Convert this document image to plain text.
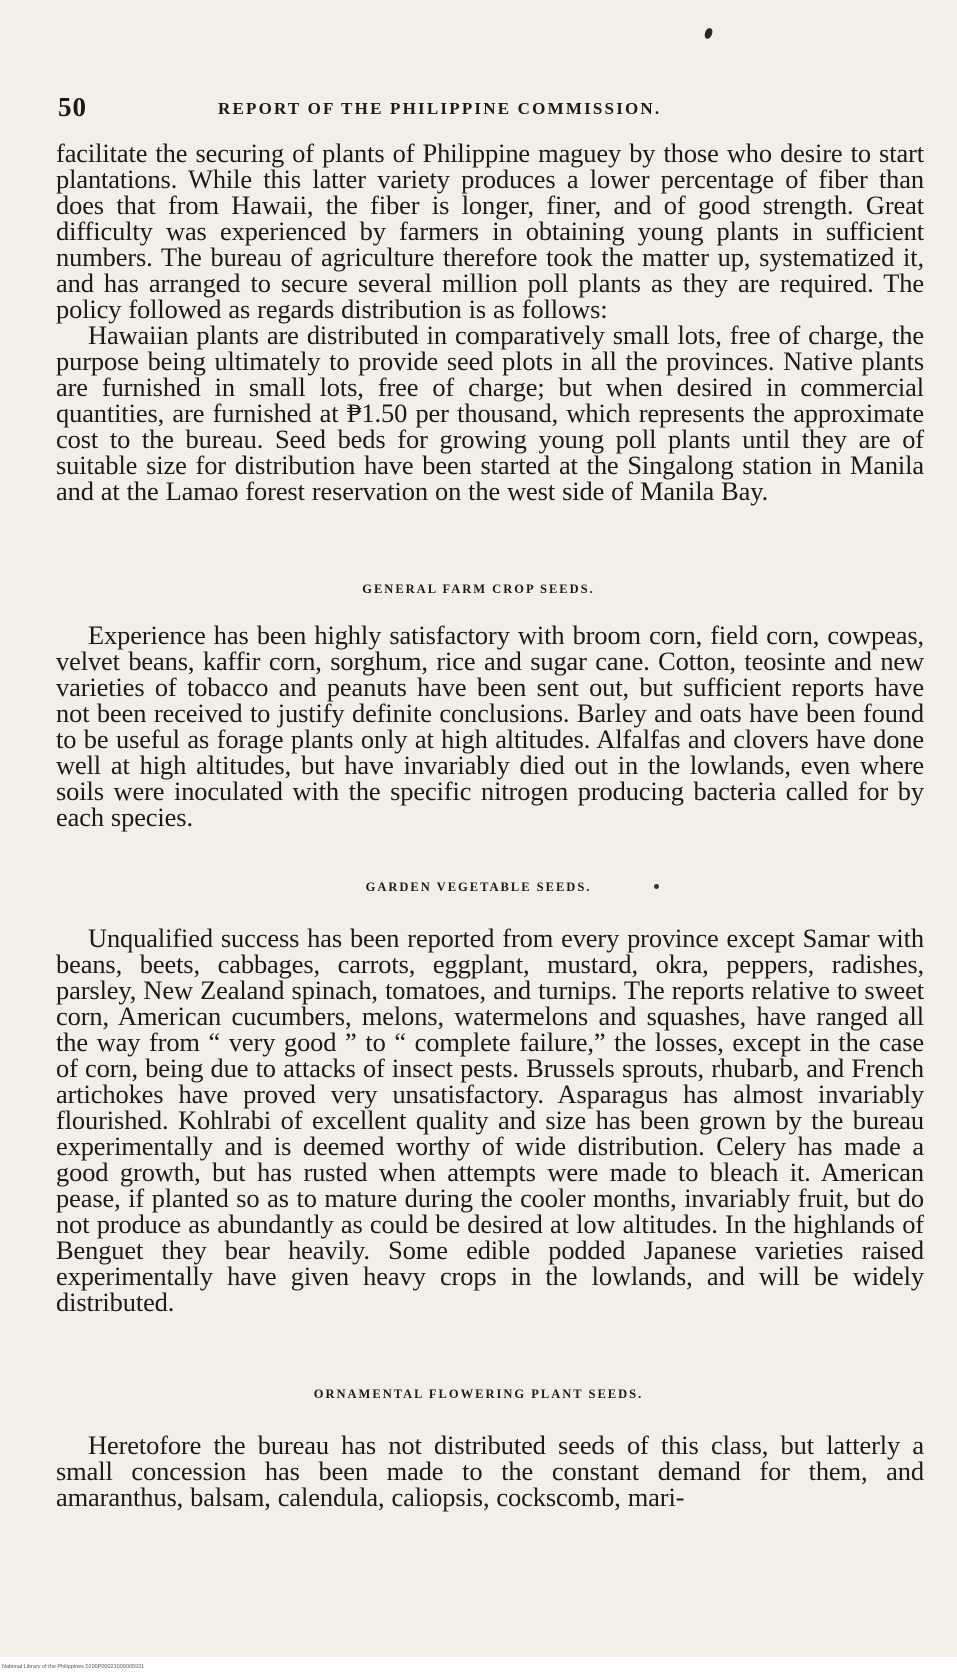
50	REPORT OF THE PHILIPPINE COMMISSION.

facilitate the securing of plants of Philippine maguey by those who desire to start plantations. While this latter variety produces a lower percentage of fiber than does that from Hawaii, the fiber is longer, finer, and of good strength. Great difficulty was experienced by farmers in obtaining young plants in sufficient numbers. The bureau of agriculture therefore took the matter up, systematized it, and has arranged to secure several million poll plants as they are required. The policy followed as regards distribution is as follows:

Hawaiian plants are distributed in comparatively small lots, free of charge, the purpose being ultimately to provide seed plots in all the provinces. Native plants are furnished in small lots, free of charge; but when desired in commercial quantities, are furnished at ₱1.50 per thousand, which represents the approximate cost to the bureau. Seed beds for growing young poll plants until they are of suitable size for distribution have been started at the Singalong station in Manila and at the Lamao forest reservation on the west side of Manila Bay.

GENERAL FARM CROP SEEDS.

Experience has been highly satisfactory with broom corn, field corn, cowpeas, velvet beans, kaffir corn, sorghum, rice and sugar cane. Cotton, teosinte and new varieties of tobacco and peanuts have been sent out, but sufficient reports have not been received to justify definite conclusions. Barley and oats have been found to be useful as forage plants only at high altitudes. Alfalfas and clovers have done well at high altitudes, but have invariably died out in the lowlands, even where soils were inoculated with the specific nitrogen producing bacteria called for by each species.

GARDEN VEGETABLE SEEDS.

Unqualified success has been reported from every province except Samar with beans, beets, cabbages, carrots, eggplant, mustard, okra, peppers, radishes, parsley, New Zealand spinach, tomatoes, and turnips. The reports relative to sweet corn, American cucumbers, melons, watermelons and squashes, have ranged all the way from “ very good ” to “ complete failure,” the losses, except in the case of corn, being due to attacks of insect pests. Brussels sprouts, rhubarb, and French artichokes have proved very unsatisfactory. Asparagus has almost invariably flourished. Kohlrabi of excellent quality and size has been grown by the bureau experimentally and is deemed worthy of wide distribution. Celery has made a good growth, but has rusted when attempts were made to bleach it. American pease, if planted so as to mature during the cooler months, invariably fruit, but do not produce as abundantly as could be desired at low altitudes. In the highlands of Benguet they bear heavily. Some edible podded Japanese varieties raised experimentally have given heavy crops in the lowlands, and will be widely distributed.

ORNAMENTAL FLOWERING PLANT SEEDS.

Heretofore the bureau has not distributed seeds of this class, but latterly a small concession has been made to the constant demand for them, and amaranthus, balsam, calendula, caliopsis, cockscomb, mari-

National Library of the Philippines 0100P00021009005931
